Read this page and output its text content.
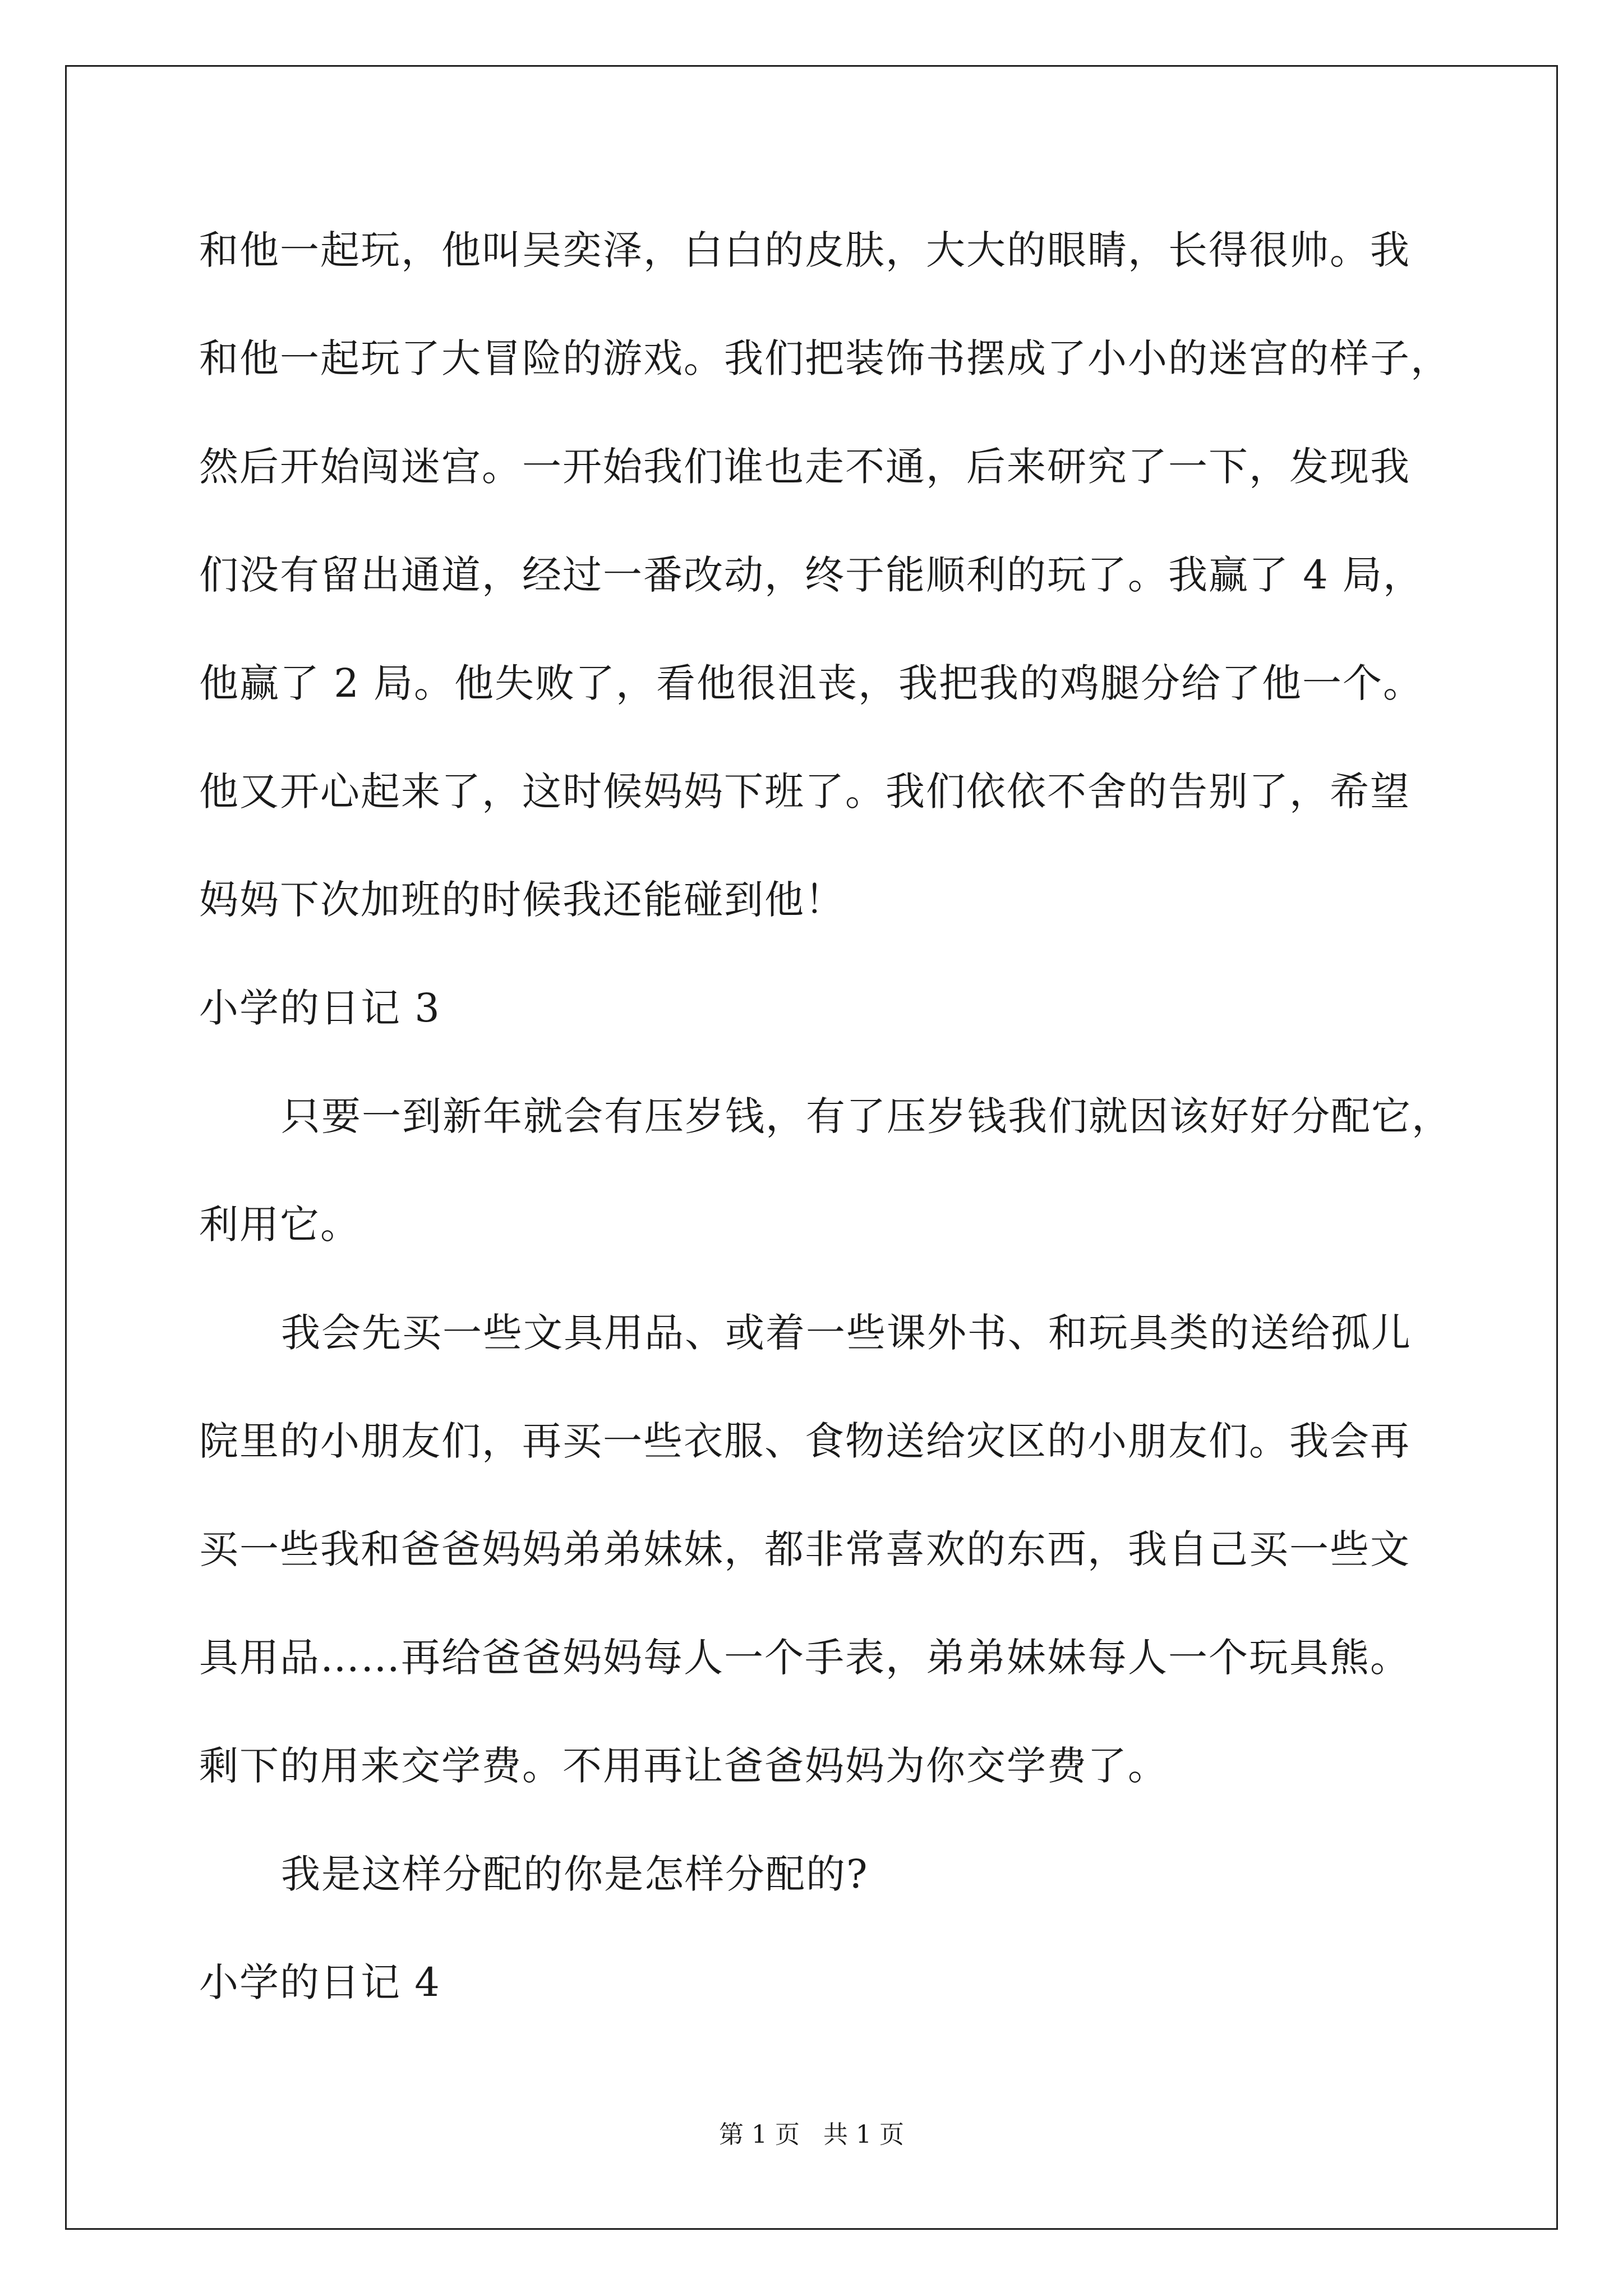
和他一起玩，他叫吴奕泽，白白的皮肤，大大的眼睛，长得很帅。我
和他一起玩了大冒险的游戏。我们把装饰书摆成了小小的迷宫的样子，
然后开始闯迷宫。一开始我们谁也走不通，后来研究了一下，发现我
们没有留出通道，经过一番改动，终于能顺利的玩了。我赢了 4 局，
他赢了 2 局。他失败了，看他很沮丧，我把我的鸡腿分给了他一个。
他又开心起来了，这时候妈妈下班了。我们依依不舍的告别了，希望
妈妈下次加班的时候我还能碰到他！
小学的日记 3
只要一到新年就会有压岁钱，有了压岁钱我们就因该好好分配它，
利用它。
我会先买一些文具用品、或着一些课外书、和玩具类的送给孤儿
院里的小朋友们，再买一些衣服、食物送给灾区的小朋友们。我会再
买一些我和爸爸妈妈弟弟妹妹，都非常喜欢的东西，我自己买一些文
具用品……再给爸爸妈妈每人一个手表，弟弟妹妹每人一个玩具熊。
剩下的用来交学费。不用再让爸爸妈妈为你交学费了。
我是这样分配的你是怎样分配的?
小学的日记 4
第 1 页   共 1 页
